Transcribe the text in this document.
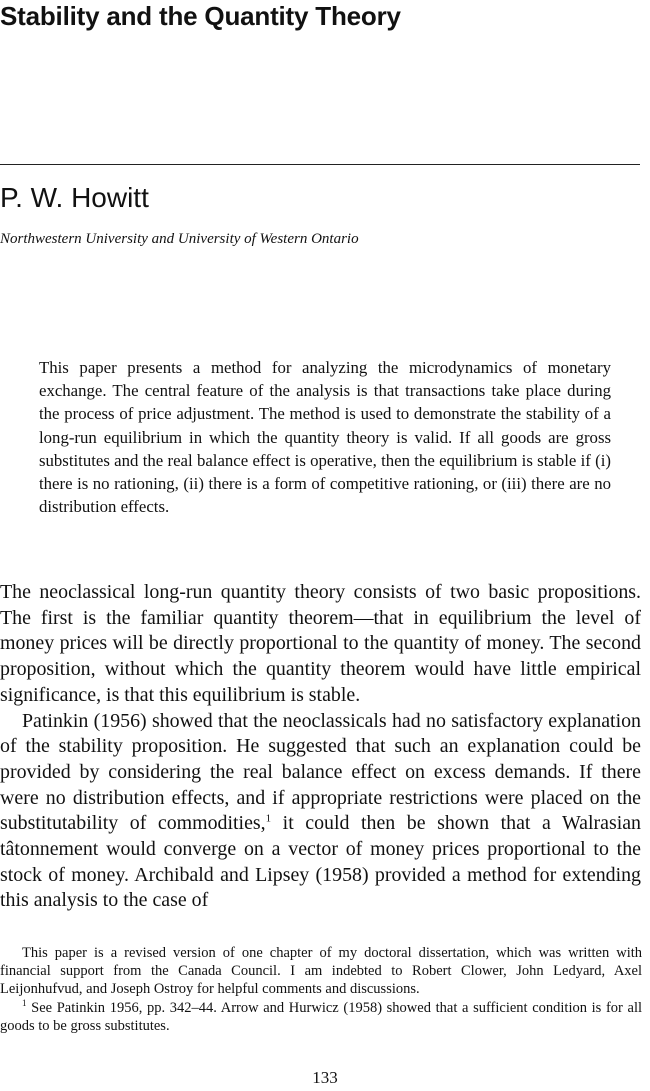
Stability and the Quantity Theory
P. W. Howitt
Northwestern University and University of Western Ontario

This paper presents a method for analyzing the microdynamics of monetary exchange. The central feature of the analysis is that transactions take place during the process of price adjustment. The method is used to demonstrate the stability of a long-run equilibrium in which the quantity theory is valid. If all goods are gross substitutes and the real balance effect is operative, then the equilibrium is stable if (i) there is no rationing, (ii) there is a form of competitive rationing, or (iii) there are no distribution effects.

The neoclassical long-run quantity theory consists of two basic propositions. The first is the familiar quantity theorem—that in equilibrium the level of money prices will be directly proportional to the quantity of money. The second proposition, without which the quantity theorem would have little empirical significance, is that this equilibrium is stable.

Patinkin (1956) showed that the neoclassicals had no satisfactory explanation of the stability proposition. He suggested that such an explanation could be provided by considering the real balance effect on excess demands. If there were no distribution effects, and if appropriate restrictions were placed on the substitutability of commodities,$^1$ it could then be shown that a Walrasian tâtonnement would converge on a vector of money prices proportional to the stock of money. Archibald and Lipsey (1958) provided a method for extending this analysis to the case of

This paper is a revised version of one chapter of my doctoral dissertation, which was written with financial support from the Canada Council. I am indebted to Robert Clower, John Ledyard, Axel Leijonhufvud, and Joseph Ostroy for helpful comments and discussions.

$^1$ See Patinkin 1956, pp. 342–44. Arrow and Hurwicz (1958) showed that a sufficient condition is for all goods to be gross substitutes.

133
